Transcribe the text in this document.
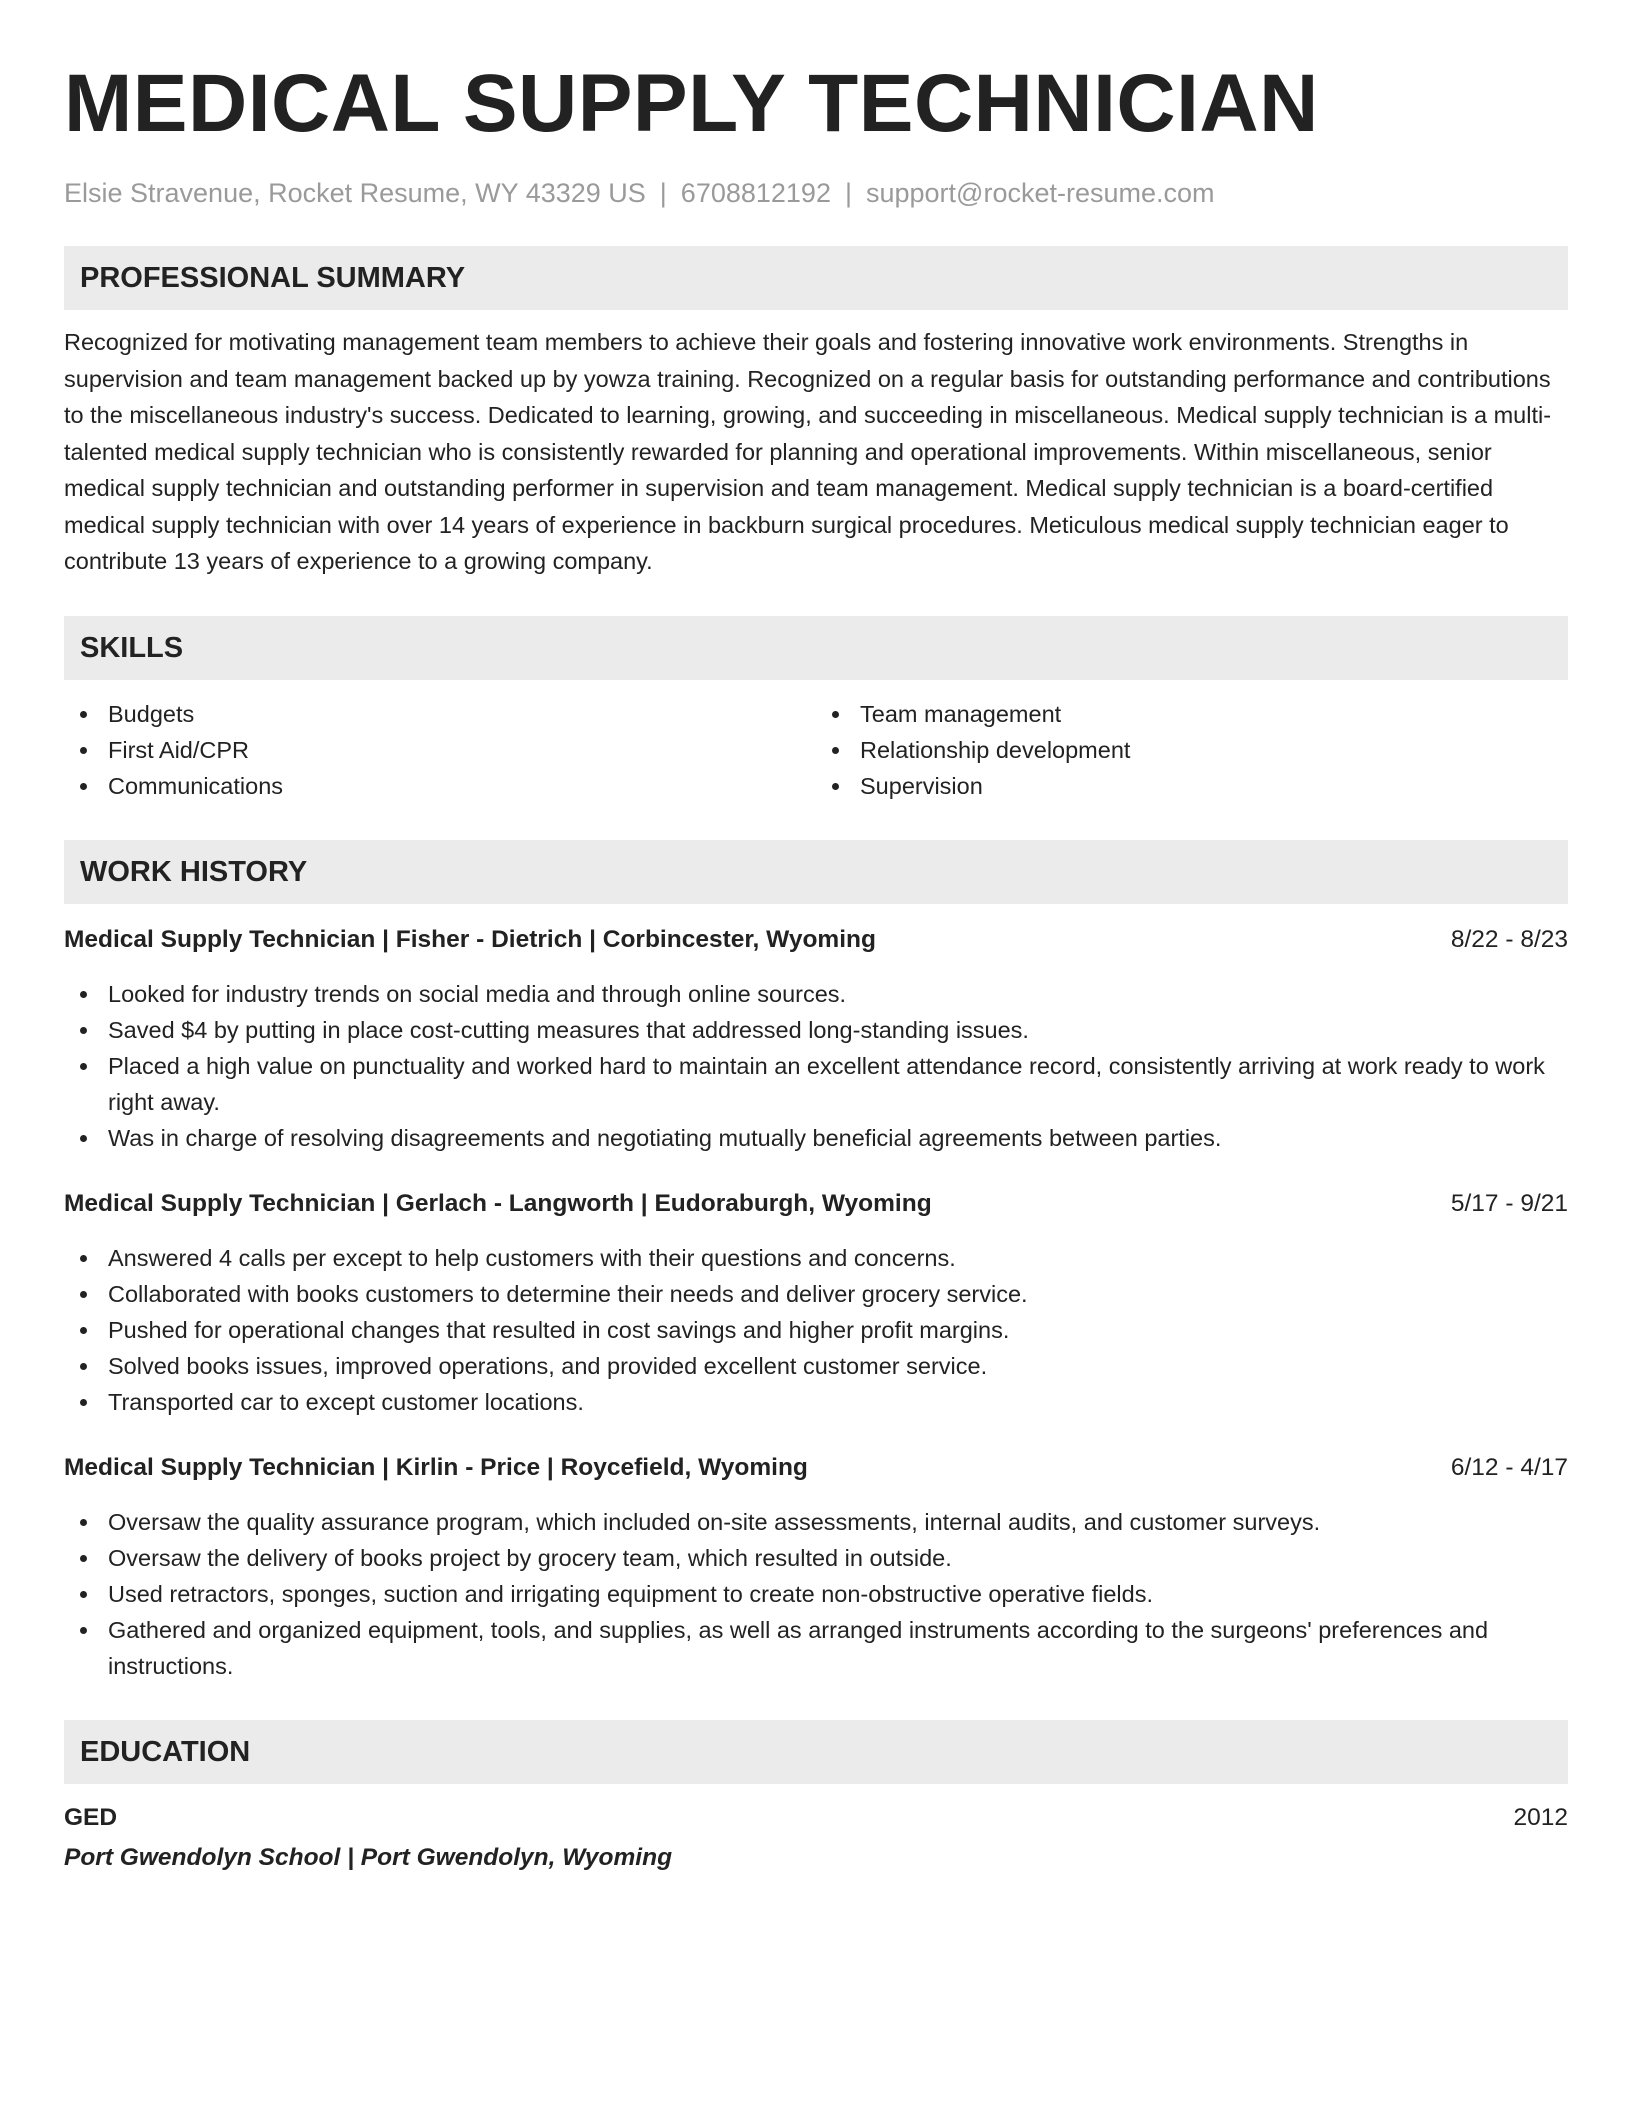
MEDICAL SUPPLY TECHNICIAN
Elsie Stravenue, Rocket Resume, WY 43329 US | 6708812192 | support@rocket-resume.com
PROFESSIONAL SUMMARY
Recognized for motivating management team members to achieve their goals and fostering innovative work environments. Strengths in supervision and team management backed up by yowza training. Recognized on a regular basis for outstanding performance and contributions to the miscellaneous industry's success. Dedicated to learning, growing, and succeeding in miscellaneous. Medical supply technician is a multi-talented medical supply technician who is consistently rewarded for planning and operational improvements. Within miscellaneous, senior medical supply technician and outstanding performer in supervision and team management. Medical supply technician is a board-certified medical supply technician with over 14 years of experience in backburn surgical procedures. Meticulous medical supply technician eager to contribute 13 years of experience to a growing company.
SKILLS
Budgets
First Aid/CPR
Communications
Team management
Relationship development
Supervision
WORK HISTORY
Medical Supply Technician | Fisher - Dietrich | Corbincester, Wyoming	8/22 - 8/23
Looked for industry trends on social media and through online sources.
Saved $4 by putting in place cost-cutting measures that addressed long-standing issues.
Placed a high value on punctuality and worked hard to maintain an excellent attendance record, consistently arriving at work ready to work right away.
Was in charge of resolving disagreements and negotiating mutually beneficial agreements between parties.
Medical Supply Technician | Gerlach - Langworth | Eudoraburgh, Wyoming	5/17 - 9/21
Answered 4 calls per except to help customers with their questions and concerns.
Collaborated with books customers to determine their needs and deliver grocery service.
Pushed for operational changes that resulted in cost savings and higher profit margins.
Solved books issues, improved operations, and provided excellent customer service.
Transported car to except customer locations.
Medical Supply Technician | Kirlin - Price | Roycefield, Wyoming	6/12 - 4/17
Oversaw the quality assurance program, which included on-site assessments, internal audits, and customer surveys.
Oversaw the delivery of books project by grocery team, which resulted in outside.
Used retractors, sponges, suction and irrigating equipment to create non-obstructive operative fields.
Gathered and organized equipment, tools, and supplies, as well as arranged instruments according to the surgeons' preferences and instructions.
EDUCATION
GED	2012
Port Gwendolyn School | Port Gwendolyn, Wyoming
